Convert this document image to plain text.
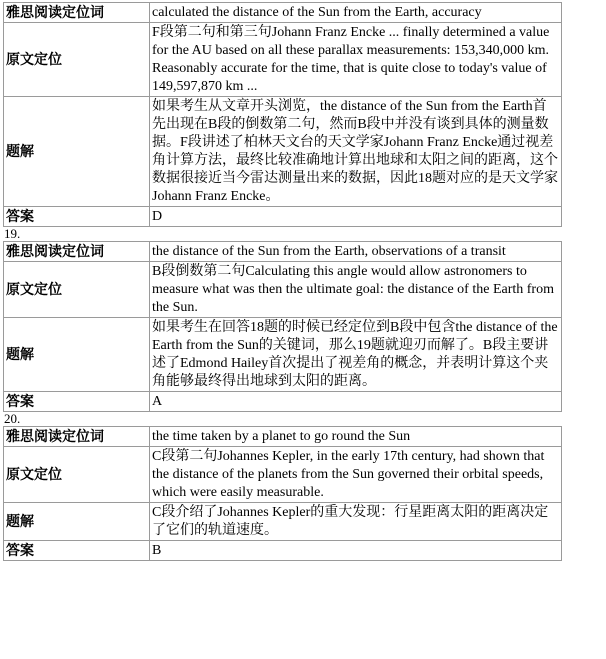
雅思阅读定位词	calculated the distance of the Sun from the Earth, accuracy
原文定位	F段第二句和第三句Johann Franz Encke ... finally determined a value for the AU based on all these parallax measurements: 153,340,000 km. Reasonably accurate for the time, that is quite close to today's value of 149,597,870 km ...
题解	如果考生从文章开头浏览，the distance of the Sun from the Earth首先出现在B段的倒数第二句，然而B段中并没有谈到具体的测量数据。F段讲述了柏林天文台的天文学家Johann Franz Encke通过视差角计算方法，最终比较准确地计算出地球和太阳之间的距离，这个数据很接近当今雷达测量出来的数据，因此18题对应的是天文学家Johann Franz Encke。
答案	D
19.
雅思阅读定位词	the distance of the Sun from the Earth, observations of a transit
原文定位	B段倒数第二句Calculating this angle would allow astronomers to measure what was then the ultimate goal: the distance of the Earth from the Sun.
题解	如果考生在回答18题的时候已经定位到B段中包含the distance of the Earth from the Sun的关键词，那么19题就迎刃而解了。B段主要讲述了Edmond Hailey首次提出了视差角的概念，并表明计算这个夹角能够最终得出地球到太阳的距离。
答案	A
20.
雅思阅读定位词	the time taken by a planet to go round the Sun
原文定位	C段第二句Johannes Kepler, in the early 17th century, had shown that the distance of the planets from the Sun governed their orbital speeds, which were easily measurable.
题解	C段介绍了Johannes Kepler的重大发现：行星距离太阳的距离决定了它们的轨道速度。
答案	B
